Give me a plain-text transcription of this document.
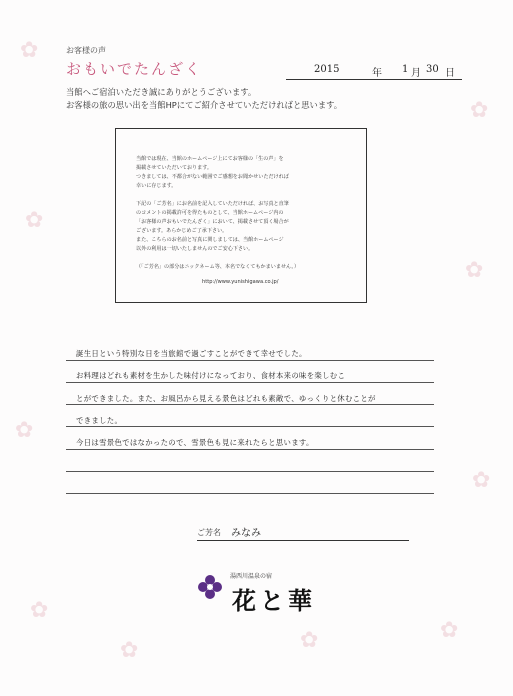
✿
✿
✿
✿
✿
✿
✿
✿	✿	✿
お客様の声
おもいでたんざく	2015	年 1 月 30 日
当館へご宿泊いただき誠にありがとうございます。
お客様の旅の思い出を当館HPにてご紹介させていただければと思います。

当館では現在、当館のホームページ上にてお客様の「生の声」を

掲載させていただいております。

つきましては、不都合がない範囲でご感想をお聞かせいただければ

幸いに存じます。

下記の「ご芳名」にお名前を記入していただければ、お写真と直筆

のコメントの掲載許可を得たものとして、当館ホームページ内の

「お客様の声おもいでたんざく」において、掲載させて頂く場合が

ございます。あらかじめご了承下さい。

また、こちらのお名前と写真に関しましては、当館ホームページ

以外の利用は一切いたしませんのでご安心下さい。

（「ご芳名」の部分はニックネーム等、本名でなくてもかまいません。）

http://www.yunishigawa.co.jp/

誕生日という特別な日を当旅館で過ごすことができて幸せでした。
お料理はどれも素材を生かした味付けになっており、食材本来の味を楽しむこ
とができました。また、お風呂から見える景色はどれも素敵で、ゆっくりと休むことが
できました。
今日は雪景色ではなかったので、雪景色も見に来れたらと思います。
ご芳名 みなみ
湯西川温泉の宿
花と華
